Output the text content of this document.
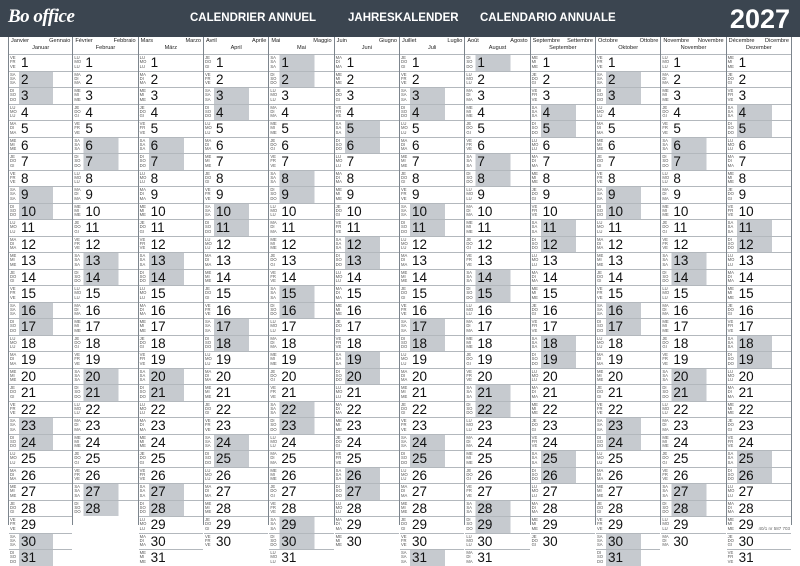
Bo office	CALENDRIER ANNUEL	JAHRESKALENDER CALENDARIO ANNUALE	2027
Janvier	Gennaio
Januar
VE
FR
VE 1
SA
SA
SA 2
DI
SO
DO 3
LU
MO
LU 4
MA
DI
MA 5
ME
MI
ME 6
JE
DO
GI 7
VE
FR
VE 8
SA
SA
SA 9
DI
SO
DO 10
LU
MO
LU 11
MA
DI
MA 12
ME
MI
ME 13
JE
DO
GI 14
VE
FR
VE 15
SA
SA
SA 16
DI
SO
DO 17
LU
MO
LU 18
MA
DI
MA 19
ME
MI
ME 20
JE
DO
GI 21
VE
FR
VE 22
SA
SA
SA 23
DI
SO
DO 24
LU
MO
LU 25
MA
DI
MA 26
ME
MI
ME 27
JE
DO
GI 28
VE
FR
VE 29
SA
SA
SA 30
DI
SO
DO 31
Février	Febbraio
Februar
LU
MO
LU 1
MA
DI
MA 2
ME
MI
ME 3
JE
DO
GI 4
VE
FR
VE 5
SA
SA
SA 6
DI
SO
DO 7
LU
MO
LU 8
MA
DI
MA 9
ME
MI
ME 10
JE
DO
GI 11
VE
FR
VE 12
SA
SA
SA 13
DI
SO
DO 14
LU
MO
LU 15
MA
DI
MA 16
ME
MI
ME 17
JE
DO
GI 18
VE
FR
VE 19
SA
SA
SA 20
DI
SO
DO 21
LU
MO
LU 22
MA
DI
MA 23
ME
MI
ME 24
JE
DO
GI 25
VE
FR
VE 26
SA
SA
SA 27
DI
SO
DO 28
Mars	Marzo
März
LU
MO
LU 1
MA
DI
MA 2
ME
MI
ME 3
JE
DO
GI 4
VE
FR
VE 5
SA
SA
SA 6
DI
SO
DO 7
LU
MO
LU 8
MA
DI
MA 9
ME
MI
ME 10
JE
DO
GI 11
VE
FR
VE 12
SA
SA
SA 13
DI
SO
DO 14
LU
MO
LU 15
MA
DI
MA 16
ME
MI
ME 17
JE
DO
GI 18
VE
FR
VE 19
SA
SA
SA 20
DI
SO
DO 21
LU
MO
LU 22
MA
DI
MA 23
ME
MI
ME 24
JE
DO
GI 25
VE
FR
VE 26
SA
SA
SA 27
DI
SO
DO 28
LU
MO
LU 29
MA
DI
MA 30
ME
MI
ME 31
Avril	Aprile
April
JE
DO
GI 1
VE
FR
VE 2
SA
SA
SA 3
DI
SO
DO 4
LU
MO
LU 5
MA
DI
MA 6
ME
MI
ME 7
JE
DO
GI 8
VE
FR
VE 9
SA
SA
SA 10
DI
SO
DO 11
LU
MO
LU 12
MA
DI
MA 13
ME
MI
ME 14
JE
DO
GI 15
VE
FR
VE 16
SA
SA
SA 17
DI
SO
DO 18
LU
MO
LU 19
MA
DI
MA 20
ME
MI
ME 21
JE
DO
GI 22
VE
FR
VE 23
SA
SA
SA 24
DI
SO
DO 25
LU
MO
LU 26
MA
DI
MA 27
ME
MI
ME 28
JE
DO
GI 29
VE
FR
VE 30
Mai	Maggio
Mai
SA
SA
SA 1
DI
SO
DO 2
LU
MO
LU 3
MA
DI
MA 4
ME
MI
ME 5
JE
DO
GI 6
VE
FR
VE 7
SA
SA
SA 8
DI
SO
DO 9
LU
MO
LU 10
MA
DI
MA 11
ME
MI
ME 12
JE
DO
GI 13
VE
FR
VE 14
SA
SA
SA 15
DI
SO
DO 16
LU
MO
LU 17
MA
DI
MA 18
ME
MI
ME 19
JE
DO
GI 20
VE
FR
VE 21
SA
SA
SA 22
DI
SO
DO 23
LU
MO
LU 24
MA
DI
MA 25
ME
MI
ME 26
JE
DO
GI 27
VE
FR
VE 28
SA
SA
SA 29
DI
SO
DO 30
LU
MO
LU 31
Juin	Giugno
Juni
MA
DI
MA 1
ME
MI
ME 2
JE
DO
GI 3
VE
FR
VE 4
SA
SA
SA 5
DI
SO
DO 6
LU
MO
LU 7
MA
DI
MA 8
ME
MI
ME 9
JE
DO
GI 10
VE
FR
VE 11
SA
SA
SA 12
DI
SO
DO 13
LU
MO
LU 14
MA
DI
MA 15
ME
MI
ME 16
JE
DO
GI 17
VE
FR
VE 18
SA
SA
SA 19
DI
SO
DO 20
LU
MO
LU 21
MA
DI
MA 22
ME
MI
ME 23
JE
DO
GI 24
VE
FR
VE 25
SA
SA
SA 26
DI
SO
DO 27
LU
MO
LU 28
MA
DI
MA 29
ME
MI
ME 30
Juillet	Luglio
Juli
JE
DO
GI 1
VE
FR
VE 2
SA
SA
SA 3
DI
SO
DO 4
LU
MO
LU 5
MA
DI
MA 6
ME
MI
ME 7
JE
DO
GI 8
VE
FR
VE 9
SA
SA
SA 10
DI
SO
DO 11
LU
MO
LU 12
MA
DI
MA 13
ME
MI
ME 14
JE
DO
GI 15
VE
FR
VE 16
SA
SA
SA 17
DI
SO
DO 18
LU
MO
LU 19
MA
DI
MA 20
ME
MI
ME 21
JE
DO
GI 22
VE
FR
VE 23
SA
SA
SA 24
DI
SO
DO 25
LU
MO
LU 26
MA
DI
MA 27
ME
MI
ME 28
JE
DO
GI 29
VE
FR
VE 30
SA
SA
SA 31
Août	Agosto
August
DI
SO
DO 1
LU
MO
LU 2
MA
DI
MA 3
ME
MI
ME 4
JE
DO
GI 5
VE
FR
VE 6
SA
SA
SA 7
DI
SO
DO 8
LU
MO
LU 9
MA
DI
MA 10
ME
MI
ME 11
JE
DO
GI 12
VE
FR
VE 13
SA
SA
SA 14
DI
SO
DO 15
LU
MO
LU 16
MA
DI
MA 17
ME
MI
ME 18
JE
DO
GI 19
VE
FR
VE 20
SA
SA
SA 21
DI
SO
DO 22
LU
MO
LU 23
MA
DI
MA 24
ME
MI
ME 25
JE
DO
GI 26
VE
FR
VE 27
SA
SA
SA 28
DI
SO
DO 29
LU
MO
LU 30
MA
DI
MA 31
Septembre Settembre
September
ME
MI
ME 1
JE
DO
GI 2
VE
FR
VE 3
SA
SA
SA 4
DI
SO
DO 5
LU
MO
LU 6
MA
DI
MA 7
ME
MI
ME 8
JE
DO
GI 9
VE
FR
VE 10
SA
SA
SA 11
DI
SO
DO 12
LU
MO
LU 13
MA
DI
MA 14
ME
MI
ME 15
JE
DO
GI 16
VE
FR
VE 17
SA
SA
SA 18
DI
SO
DO 19
LU
MO
LU 20
MA
DI
MA 21
ME
MI
ME 22
JE
DO
GI 23
VE
FR
VE 24
SA
SA
SA 25
DI
SO
DO 26
LU
MO
LU 27
MA
DI
MA 28
ME
MI
ME 29
JE
DO
GI 30
Octobre	Ottobre
Oktober
VE
FR
VE 1
SA
SA
SA 2
DI
SO
DO 3
LU
MO
LU 4
MA
DI
MA 5
ME
MI
ME 6
JE
DO
GI 7
VE
FR
VE 8
SA
SA
SA 9
DI
SO
DO 10
LU
MO
LU 11
MA
DI
MA 12
ME
MI
ME 13
JE
DO
GI 14
VE
FR
VE 15
SA
SA
SA 16
DI
SO
DO 17
LU
MO
LU 18
MA
DI
MA 19
ME
MI
ME 20
JE
DO
GI 21
VE
FR
VE 22
SA
SA
SA 23
DI
SO
DO 24
LU
MO
LU 25
MA
DI
MA 26
ME
MI
ME 27
JE
DO
GI 28
VE
FR
VE 29
SA
SA
SA 30
DI
SO
DO 31
Novembre Novembre
November
LU
MO
LU 1
MA
DI
MA 2
ME
MI
ME 3
JE
DO
GI 4
VE
FR
VE 5
SA
SA
SA 6
DI
SO
DO 7
LU
MO
LU 8
MA
DI
MA 9
ME
MI
ME 10
JE
DO
GI 11
VE
FR
VE 12
SA
SA
SA 13
DI
SO
DO 14
LU
MO
LU 15
MA
DI
MA 16
ME
MI
ME 17
JE
DO
GI 18
VE
FR
VE 19
SA
SA
SA 20
DI
SO
DO 21
LU
MO
LU 22
MA
DI
MA 23
ME
MI
ME 24
JE
DO
GI 25
VE
FR
VE 26
SA
SA
SA 27
DI
SO
DO 28
LU
MO
LU 29
MA
DI
MA 30
Décembre Dicembre
Dezember
ME
MI
ME 1
JE
DO
GI 2
VE
FR
VE 3
SA
SA
SA 4
DI
SO
DO 5
LU
MO
LU 6
MA
DI
MA 7
ME
MI
ME 8
JE
DO
GI 9
VE
FR
VE 10
SA
SA
SA 11
DI
SO
DO 12
LU
MO
LU 13
MA
DI
MA 14
ME
MI
ME 15
JE
DO
GI 16
VE
FR
VE 17
SA
SA
SA 18
DI
SO
DO 19
LU
MO
LU 20
MA
DI
MA 21
ME
MI
ME 22
JE
DO
GI 23
VE
FR
VE 24
SA
SA
SA 25
DI
SO
DO 26
LU
MO
LU 27
MA
DI
MA 28
ME
MI
ME 29
JE
DO
GI 30
VE
FR
VE 31
40/1 nr 587 703
